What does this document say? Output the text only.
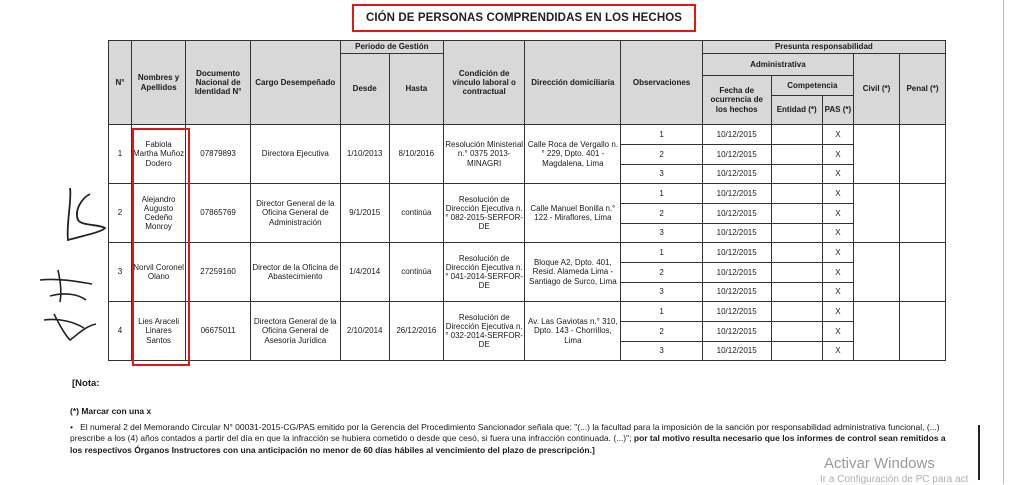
CIÓN DE PERSONAS COMPRENDIDAS EN LOS HECHOS
N°	Nombres y Apellidos	Documento Nacional de Identidad N°	Cargo Desempeñado	Periodo de Gestión		Condición de vínculo laboral o contractual	Dirección domiciliaria	Observaciones	Presunta responsabilidad				
				Desde	Hasta				Administrativa			Civil (*)	Penal (*)
									Fecha de ocurrencia de los hechos	Competencia			
										Entidad (*)	PAS (*)		
1	Fabiola Martha Muñoz Dodero	07879893	Directora Ejecutiva	1/10/2013	8/10/2016	Resolución Ministerial n.° 0375 2013-MINAGRI	Calle Roca de Vergallo n.° 229, Dpto. 401 - Magdalena, Lima	1	10/12/2015		X		
								2	10/12/2015		X		
								3	10/12/2015		X		
2	Alejandro Augusto Cedeño Monroy	07865769	Director General de la Oficina General de Administración	9/1/2015	continúa	Resolución de Dirección Ejecutiva n.° 082-2015-SERFOR-DE	Calle Manuel Bonilla n.° 122 - Miraflores, Lima	1	10/12/2015		X		
								2	10/12/2015		X		
								3	10/12/2015		X		
3	Norvil Coronel Olano	27259160	Director de la Oficina de Abastecimiento	1/4/2014	continúa	Resolución de Dirección Ejecutiva n.° 041-2014-SERFOR-DE	Bloque A2, Dpto. 401, Resid. Alameda Lima - Santiago de Surco, Lima	1	10/12/2015		X		
								2	10/12/2015		X		
								3	10/12/2015		X		
4	Lies Araceli Linares Santos	06675011	Directora General de la Oficina General de Asesoría Jurídica	2/10/2014	26/12/2016	Resolución de Dirección Ejecutiva n.° 032-2014-SERFOR-DE	Av. Las Gaviotas n.° 310, Dpto. 143 - Chorrillos, Lima	1	10/12/2015		X		
								2	10/12/2015		X		
								3	10/12/2015		X		
[Nota:
(*) Marcar con una x
• El numeral 2 del Memorando Circular N° 00031-2015-CG/PAS emitido por la Gerencia del Procedimiento Sancionador señala que: "(...) la facultad para la imposición de la sanción por responsabilidad administrativa funcional, (...) prescribe a los (4) años contados a partir del día en que la infracción se hubiera cometido o desde que cesó, si fuera una infracción continuada. (...)"; por tal motivo resulta necesario que los informes de control sean remitidos a los respectivos Órganos Instructores con una anticipación no menor de 60 días hábiles al vencimiento del plazo de prescripción.]
Activar Windows
Ir a Configuración de PC para act
